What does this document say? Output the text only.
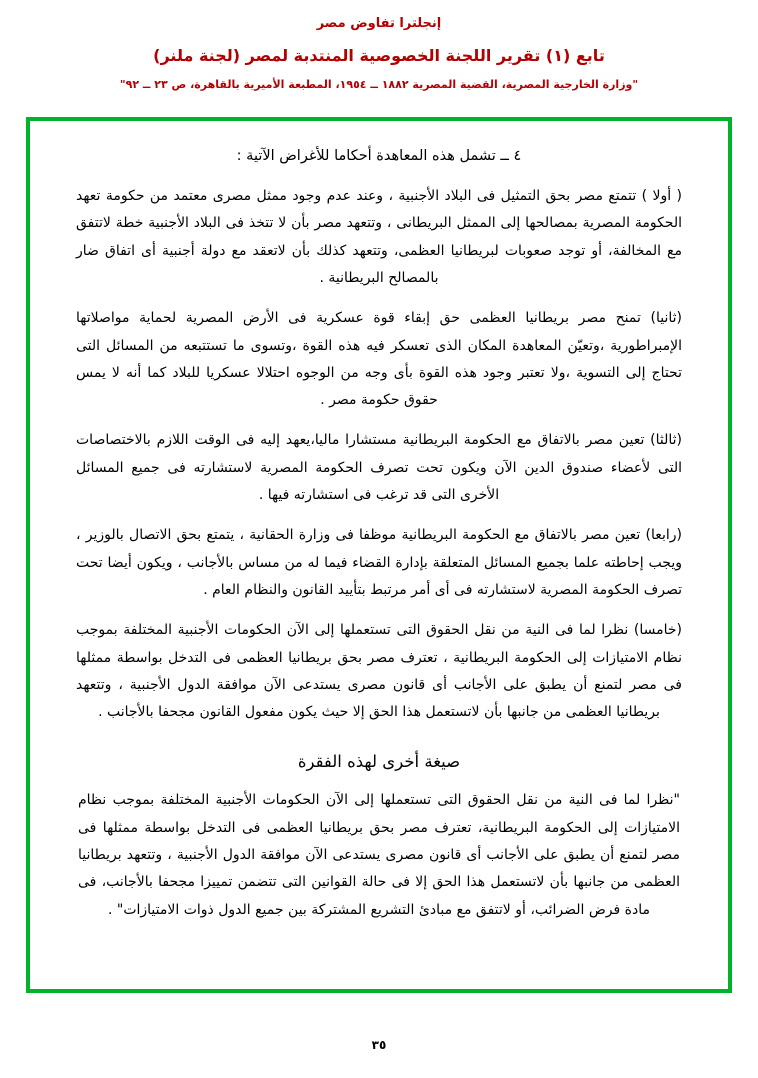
إنجلترا تفاوض مصر
تابع (١) تقرير اللجنة الخصوصية المنتدبة لمصر (لجنة ملنر)
"وزارة الخارجية المصرية، القضية المصرية ١٨٨٢ ــ ١٩٥٤، المطبعة الأميرية بالقاهرة، ص ٢٣ ــ ٩٢"
٤ ــ تشمل هذه المعاهدة أحكاما للأغراض الآتية :

( أولا ) تتمتع مصر بحق التمثيل فى البلاد الأجنبية ، وعند عدم وجود ممثل مصرى معتمد من حكومة تعهد الحكومة المصرية بمصالحها إلى الممثل البريطانى ، وتتعهد مصر بأن لا تتخذ فى البلاد الأجنبية خطة لاتتفق مع المخالفة، أو توجد صعوبات لبريطانيا العظمى، وتتعهد كذلك بأن لاتعقد مع دولة أجنبية أى اتفاق ضار بالمصالح البريطانية .

(ثانيا) تمنح مصر بريطانيا العظمى حق إبقاء قوة عسكرية فى الأرض المصرية لحماية مواصلاتها الإمبراطورية ،وتعيّن المعاهدة المكان الذى تعسكر فيه هذه القوة ،وتسوى ما تستتبعه من المسائل التى تحتاج إلى التسوية ،ولا تعتبر وجود هذه القوة بأى وجه من الوجوه احتلالا عسكريا للبلاد كما أنه لا يمس حقوق حكومة مصر .

(ثالثا) تعين مصر بالاتفاق مع الحكومة البريطانية مستشارا ماليا،يعهد إليه فى الوقت اللازم بالاختصاصات التى لأعضاء صندوق الدين الآن ويكون تحت تصرف الحكومة المصرية لاستشارته فى جميع المسائل الأخرى التى قد ترغب فى استشارته فيها .

(رابعا) تعين مصر بالاتفاق مع الحكومة البريطانية موظفا فى وزارة الحقانية ، يتمتع بحق الاتصال بالوزير ، ويجب إحاطته علما بجميع المسائل المتعلقة بإدارة القضاء فيما له من مساس بالأجانب ، ويكون أيضا تحت تصرف الحكومة المصرية لاستشارته فى أى أمر مرتبط بتأييد القانون والنظام العام .

(خامسا) نظرا لما فى النية من نقل الحقوق التى تستعملها إلى الآن الحكومات الأجنبية المختلفة بموجب نظام الامتيازات إلى الحكومة البريطانية ، تعترف مصر بحق بريطانيا العظمى فى التدخل بواسطة ممثلها فى مصر لتمنع أن يطبق على الأجانب أى قانون مصرى يستدعى الآن موافقة الدول الأجنبية ، وتتعهد بريطانيا العظمى من جانبها بأن لاتستعمل هذا الحق إلا حيث يكون مفعول القانون مجحفا بالأجانب .

صيغة أخرى لهذه الفقرة

"نظرا لما فى النية من نقل الحقوق التى تستعملها إلى الآن الحكومات الأجنبية المختلفة بموجب نظام الامتيازات إلى الحكومة البريطانية، تعترف مصر بحق بريطانيا العظمى فى التدخل بواسطة ممثلها فى مصر لتمنع أن يطبق على الأجانب أى قانون مصرى يستدعى الآن موافقة الدول الأجنبية ، وتتعهد بريطانيا العظمى من جانبها بأن لاتستعمل هذا الحق إلا فى حالة القوانين التى تتضمن تمييزا مجحفا بالأجانب، فى مادة فرض الضرائب، أو لاتتفق مع مبادئ التشريع المشتركة بين جميع الدول ذوات الامتيازات" .

٣٥
